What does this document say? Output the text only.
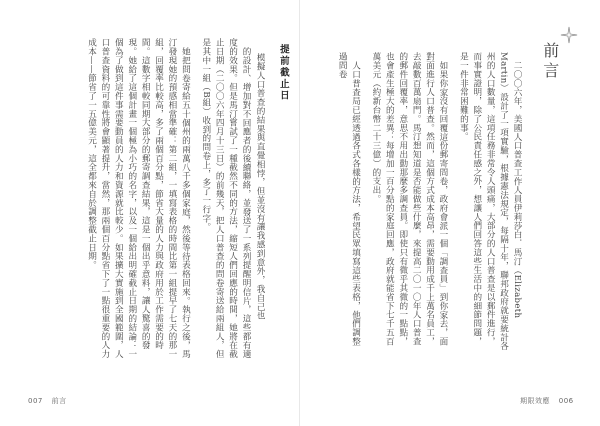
前言

二〇〇六年，美國人口普查工作人員伊莉莎白．馬汀（Elizabeth Martin）設計了一項實驗，根據憲法規定，每隔十年，聯邦政府就要統計各州的人口數量，這項任務非常令人頭痛，大部分的人口普查是以郵件進行，而事實證明，除了公民責任感之外，想讓人們回答這些生活中的細節問題，是一件非常困難的事。

如果你家沒有回覆這份郵寄問卷，政府會派一個「調查員」到你家去，面對面進行人口普查。然而，這個方式成本高昂，需要動用成千上萬名員工，去敲數百萬扇門。馬汀想知道是否能做些什麼，來提高二〇一〇年人口普查的郵件回覆率，意思不用出動那麼多調查員。即使只有微乎其微的一點點，也會產生極大的差異：每增加一百分點的家庭回應，政府就能省下七千五百萬美元（約新台幣二十三億）的支出。

人口普查局已經透過各式各樣的方法，希望民眾填寫這些表格，他們調整過問卷

的設計、增加對不回應者的後續聯絡，並發送了一系列提醒明信片，這些都有適度的效果。但是馬汀嘗試了一種截然不同的方法，縮短人們回應的時間，她將在截止日期（二〇〇六年四月十三日）的前幾天，把人口普查的問卷寄送給兩組人，但是其中一組（B組）收到的問卷上，多了一行字。

她把問卷寄給五十個州的兩萬八千多個家庭，然後等待表格回來。執行之後，馬汀發現她的預感相當準確：第二組，一填寫表格的時間比第一組提早了七天的那一組，回覆率比較高，多了兩個百分點，節省大量的人力與政府用於工作需要的時間。這數字相較同期大部分的郵寄調查結果，這是一個出乎意料，讓人驚喜的發現。她給了這個計畫一個極為小巧的名字，以及一個給出明確截止日期的結論：一個為了做到這件事需要動員的人力和資源就比較少。如果擴大實施到全國範圍，人口普查資料的可靠性將會顯著提升，當然，那兩個百分點省下了一點很重要的人力成本——節省了一五億美元，這全都來自於調整截止日期。	提前截止日

模擬人口普查的結果與直覺相悖，但並沒有讓我感到意外，我自己也

007 前言	期限效應 006
